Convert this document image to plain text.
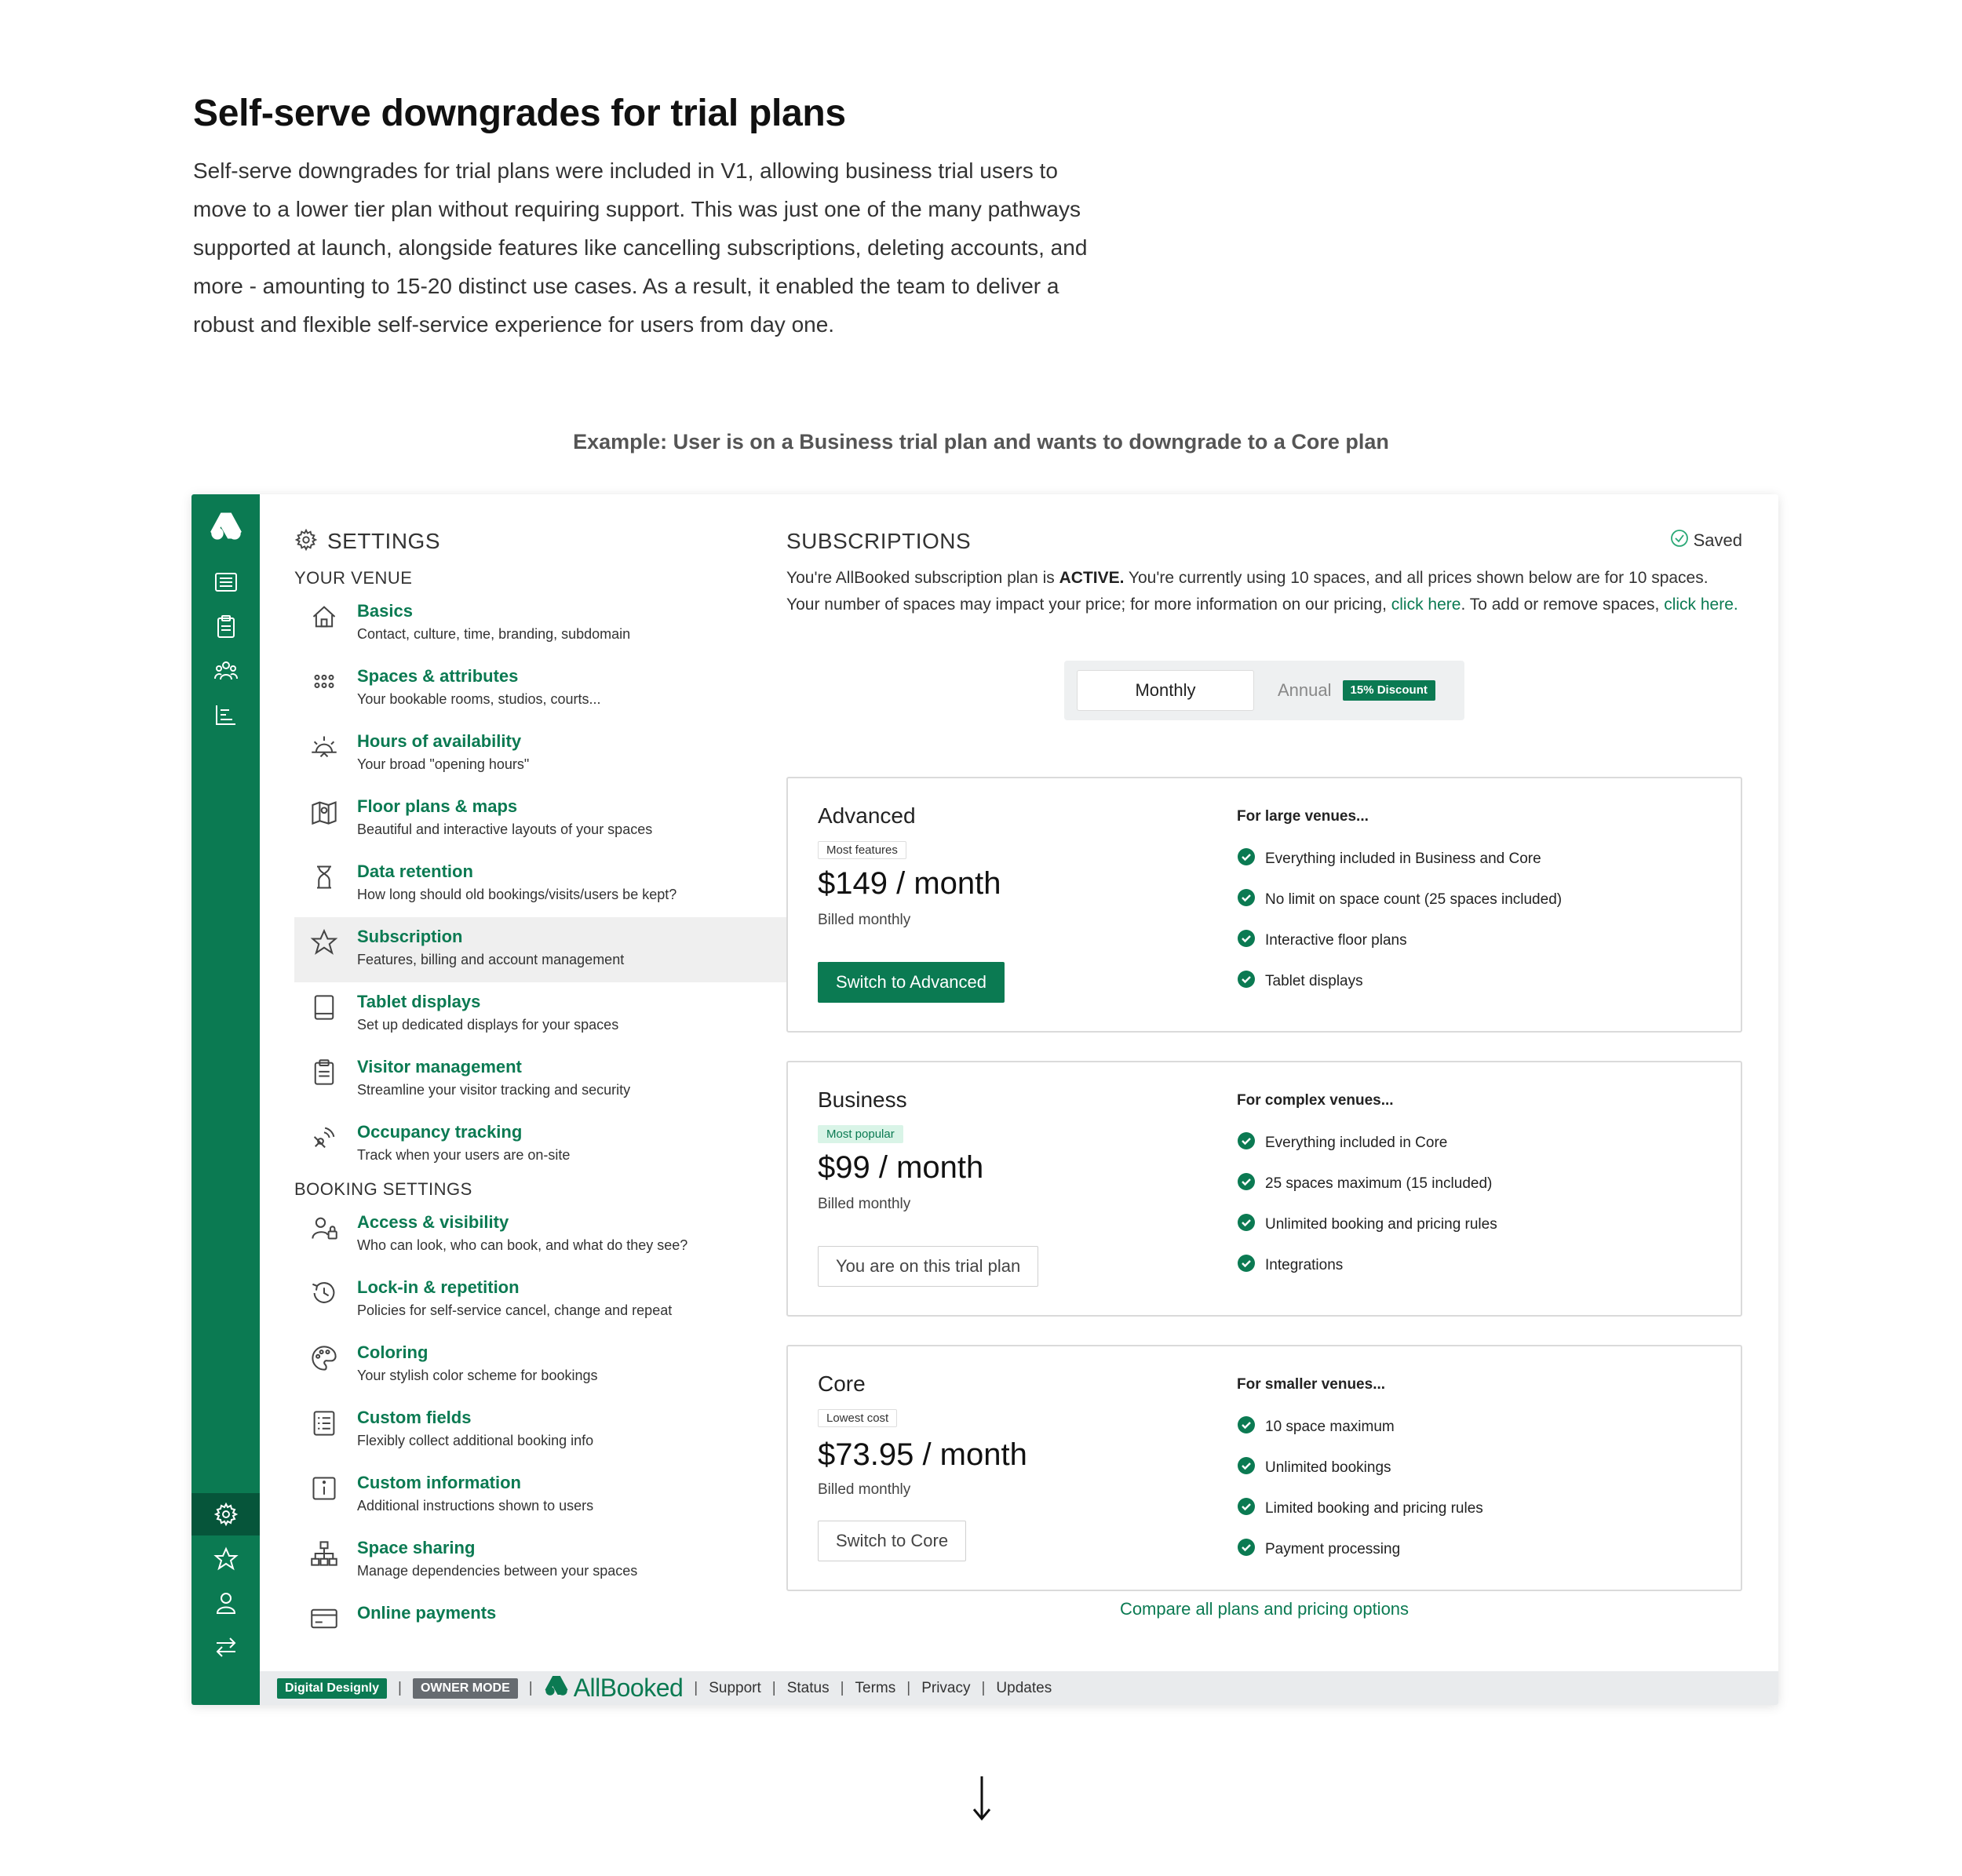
Self-serve downgrades for trial plans

Self-serve downgrades for trial plans were included in V1, allowing business trial users to move to a lower tier plan without requiring support. This was just one of the many pathways supported at launch, alongside features like cancelling subscriptions, deleting accounts, and more - amounting to 15-20 distinct use cases. As a result, it enabled the team to deliver a robust and flexible self-service experience for users from day one.

Example: User is on a Business trial plan and wants to downgrade to a Core plan
SETTINGS
YOUR VENUE
Basics
Contact, culture, time, branding, subdomain
Spaces & attributes
Your bookable rooms, studios, courts...
Hours of availability
Your broad "opening hours"
Floor plans & maps
Beautiful and interactive layouts of your spaces
Data retention
How long should old bookings/visits/users be kept?
Subscription
Features, billing and account management
Tablet displays
Set up dedicated displays for your spaces
Visitor management
Streamline your visitor tracking and security
Occupancy tracking
Track when your users are on-site
BOOKING SETTINGS
Access & visibility
Who can look, who can book, and what do they see?
Lock-in & repetition
Policies for self-service cancel, change and repeat
Coloring
Your stylish color scheme for bookings
Custom fields
Flexibly collect additional booking info
Custom information
Additional instructions shown to users
Space sharing
Manage dependencies between your spaces
Online payments
SUBSCRIPTIONS	Saved
You're AllBooked subscription plan is ACTIVE. You're currently using 10 spaces, and all prices shown below are for 10 spaces. Your number of spaces may impact your price; for more information on our pricing, click here. To add or remove spaces, click here.
Monthly	Annual	15% Discount
Advanced
Most features
$149 / month
Billed monthly
Switch to Advanced
For large venues...
Everything included in Business and Core
No limit on space count (25 spaces included)
Interactive floor plans
Tablet displays
Business
Most popular
$99 / month
Billed monthly
You are on this trial plan
For complex venues...
Everything included in Core
25 spaces maximum (15 included)
Unlimited booking and pricing rules
Integrations
Core
Lowest cost
$73.95 / month
Billed monthly
Switch to Core
For smaller venues...
10 space maximum
Unlimited bookings
Limited booking and pricing rules
Payment processing
Compare all plans and pricing options
Digital Designly	|	OWNER MODE	| AllBooked | Support | Status | Terms | Privacy | Updates
